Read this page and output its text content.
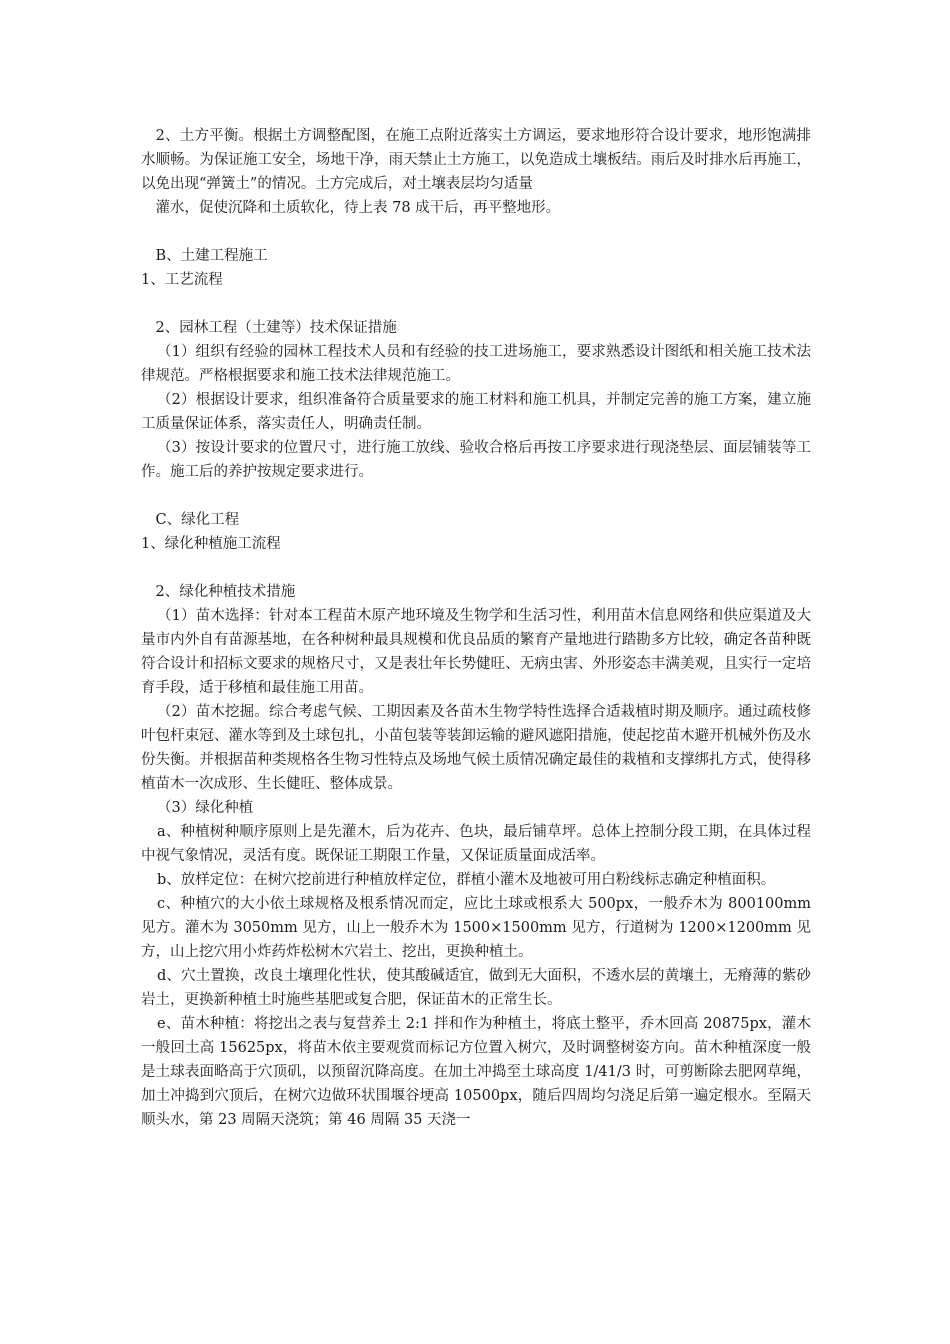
　2、土方平衡。根据土方调整配图，在施工点附近落实土方调运，要求地形符合设计要求，地形饱满排水顺畅。为保证施工安全，场地干净，雨天禁止土方施工，以免造成土壤板结。雨后及时排水后再施工，以免出现“弹簧土”的情况。土方完成后，对土壤表层均匀适量

　灌水，促使沉降和土质软化，待上表 78 成干后，再平整地形。

　B、土建工程施工

1、工艺流程

　2、园林工程（土建等）技术保证措施

（1）组织有经验的园林工程技术人员和有经验的技工进场施工，要求熟悉设计图纸和相关施工技术法律规范。严格根据要求和施工技术法律规范施工。

（2）根据设计要求，组织准备符合质量要求的施工材料和施工机具，并制定完善的施工方案，建立施工质量保证体系，落实责任人，明确责任制。

（3）按设计要求的位置尺寸，进行施工放线、验收合格后再按工序要求进行现浇垫层、面层铺装等工作。施工后的养护按规定要求进行。

　C、绿化工程

1、绿化种植施工流程

　2、绿化种植技术措施

（1）苗木选择：针对本工程苗木原产地环境及生物学和生活习性，利用苗木信息网络和供应渠道及大量市内外自有苗源基地，在各种树种最具规模和优良品质的繁育产量地进行踏勘多方比较，确定各苗种既符合设计和招标文要求的规格尺寸，又是表壮年长势健旺、无病虫害、外形姿态丰满美观，且实行一定培育手段，适于移植和最佳施工用苗。

（2）苗木挖掘。综合考虑气候、工期因素及各苗木生物学特性选择合适栽植时期及顺序。通过疏枝修叶包杆束冠、灌水等到及土球包扎，小苗包装等装卸运输的避风遮阳措施，使起挖苗木避开机械外伤及水份失衡。并根据苗种类规格各生物习性特点及场地气候土质情况确定最佳的栽植和支撑绑扎方式，使得移植苗木一次成形、生长健旺、整体成景。

（3）绿化种植

a、种植树种顺序原则上是先灌木，后为花卉、色块，最后铺草坪。总体上控制分段工期，在具体过程中视气象情况，灵活有度。既保证工期限工作量，又保证质量面成活率。

b、放样定位：在树穴挖前进行种植放样定位，群植小灌木及地被可用白粉线标志确定种植面积。

c、种植穴的大小依土球规格及根系情况而定，应比土球或根系大 500px，一般乔木为 800100mm 见方。灌木为 3050mm 见方，山上一般乔木为 1500×1500mm 见方，行道树为 1200×1200mm 见方，山上挖穴用小炸药炸松树木穴岩土、挖出，更换种植土。

d、穴土置换，改良土壤理化性状，使其酸碱适宜，做到无大面积，不透水层的黄壤土，无瘠薄的紫砂岩土，更换新种植土时施些基肥或复合肥，保证苗木的正常生长。

e、苗木种植：将挖出之表与复营养土 2:1 拌和作为种植土，将底土整平，乔木回高 20875px，灌木一般回土高 15625px，将苗木依主要观赏而标记方位置入树穴，及时调整树姿方向。苗木种植深度一般是土球表面略高于穴顶矶，以预留沉降高度。在加土冲捣至土球高度 1/41/3 时，可剪断除去肥网草绳，加土冲捣到穴顶后，在树穴边做环状围堰谷埂高 10500px，随后四周均匀浇足后第一遍定根水。至隔天顺头水，第 23 周隔天浇筑；第 46 周隔 35 天浇一
